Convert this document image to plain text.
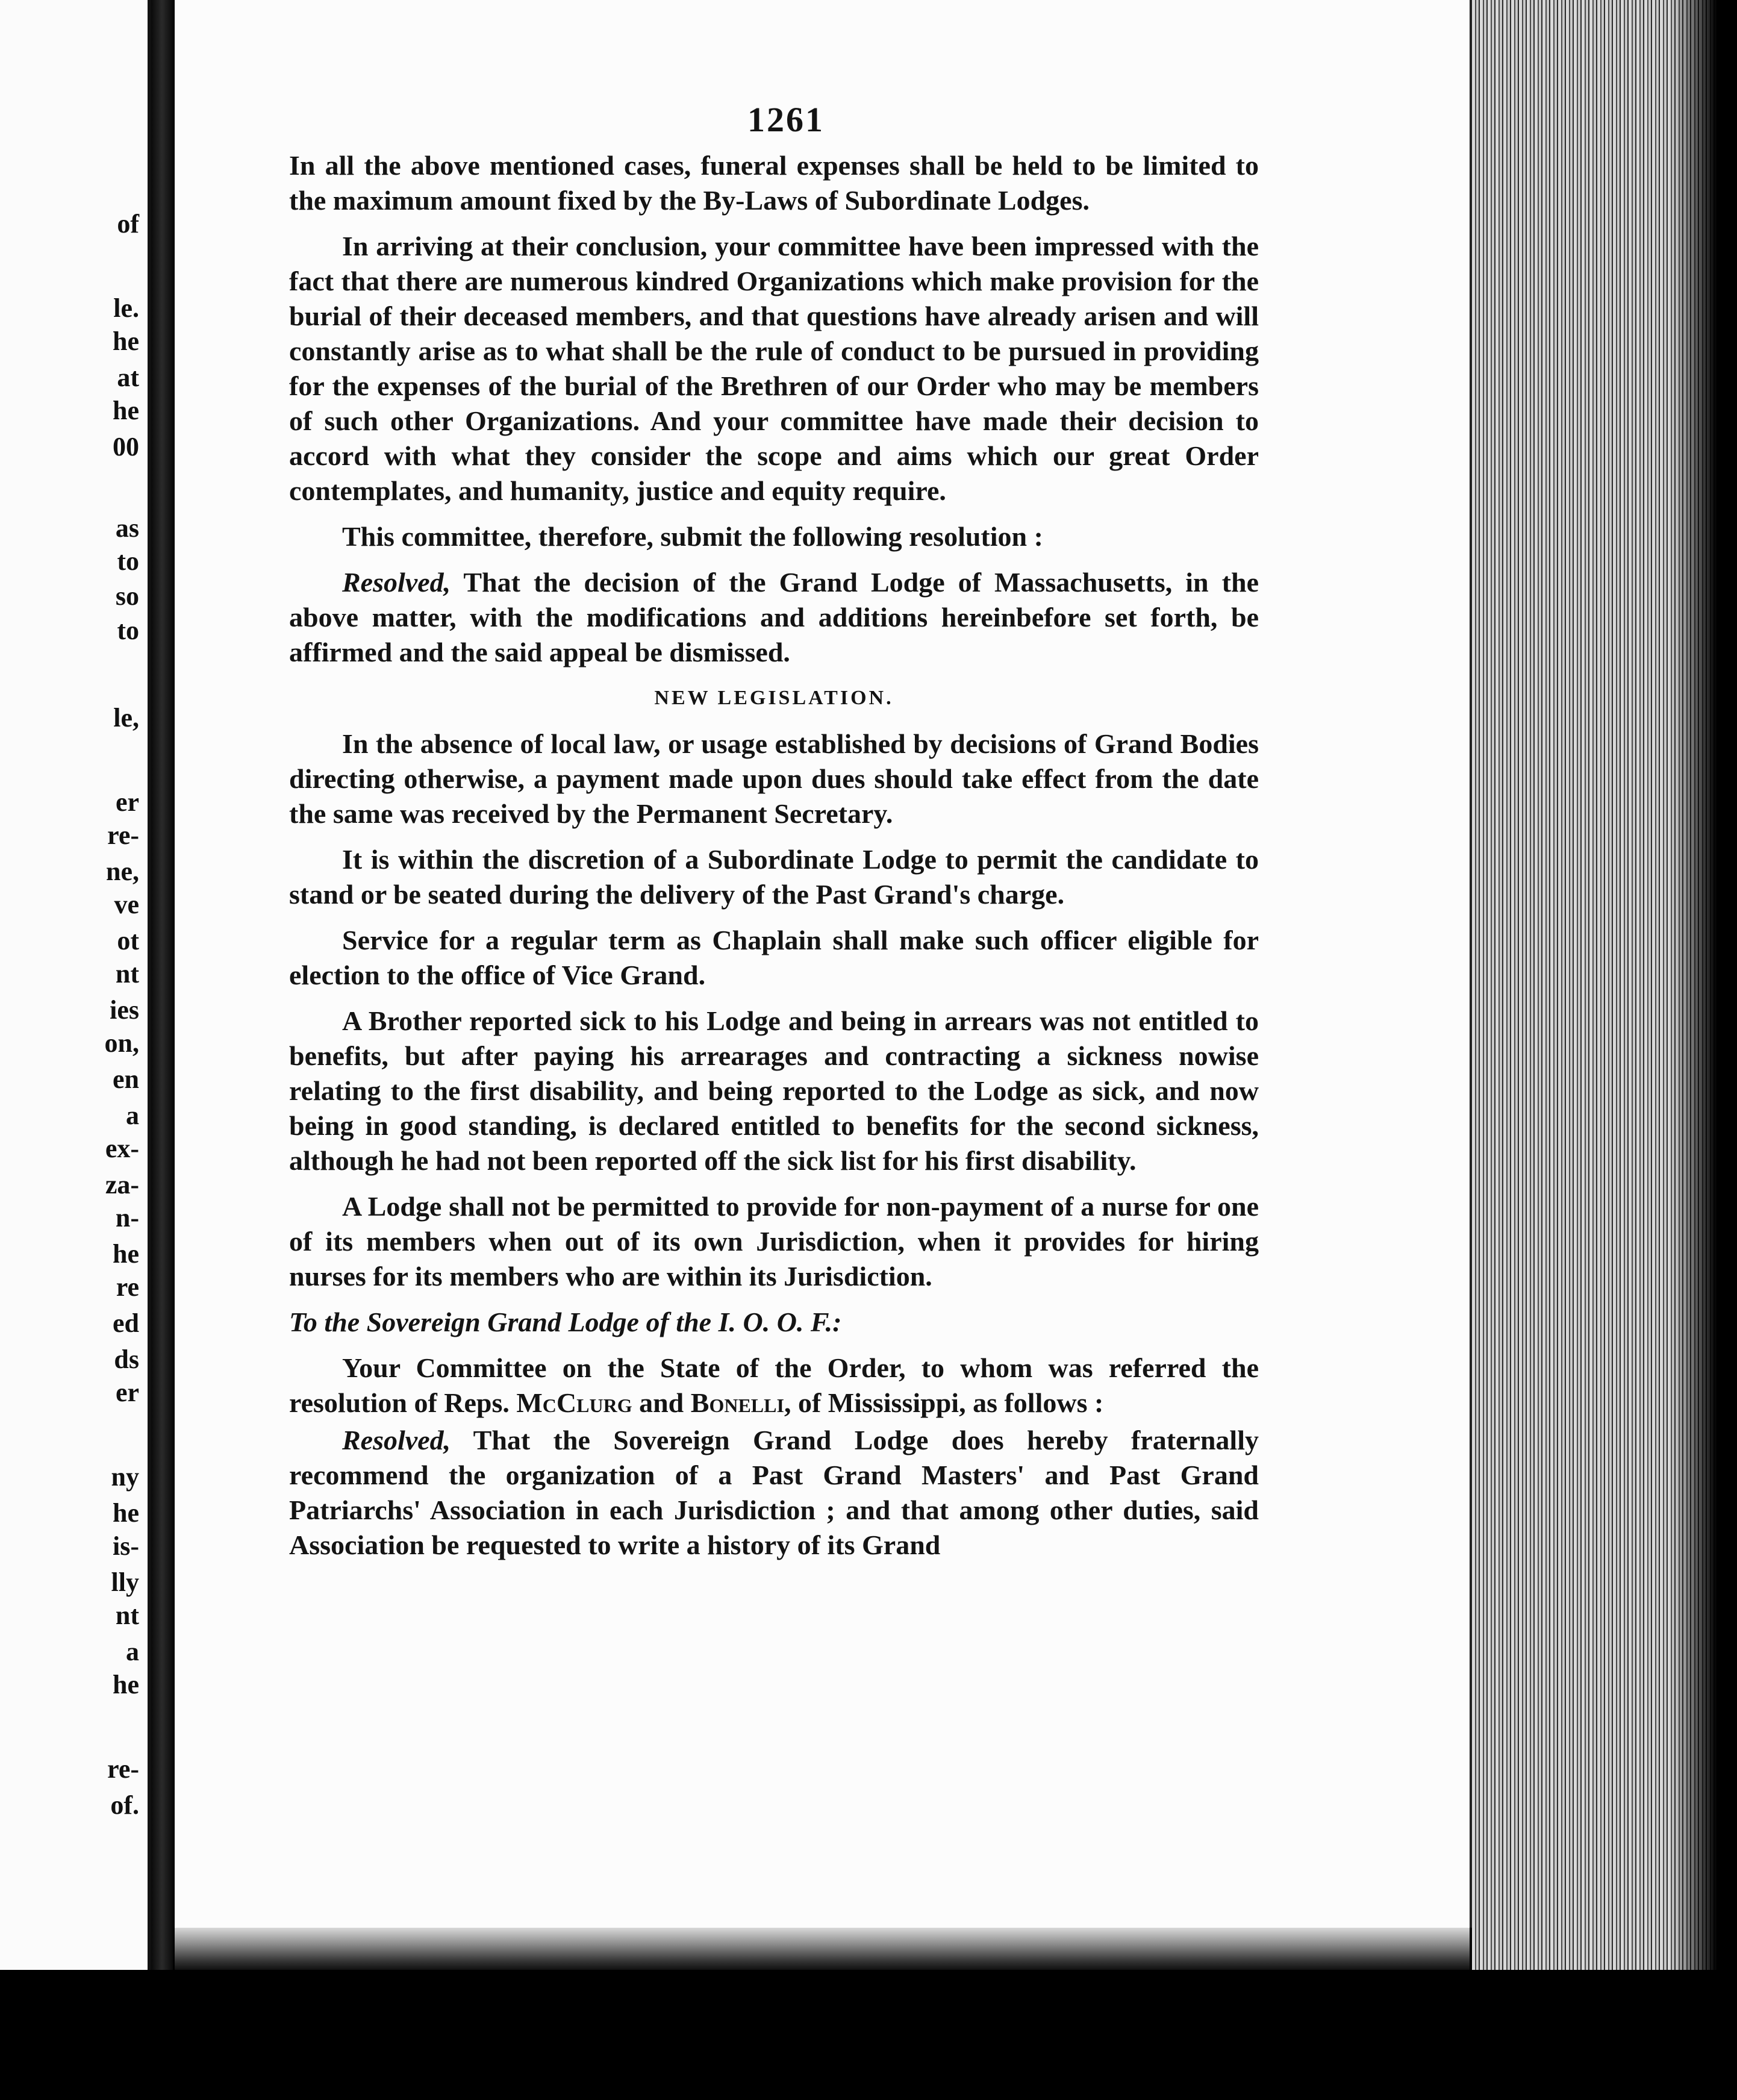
of
le.
he
at
he
00
as
to
so
to
le,
er
re-
ne,
ve
ot
nt
ies
on,
en
a
ex-
za-
n-
he
re
ed
ds
er
ny
he
is-
lly
nt
a
he
re-
of.
1261

In all the above mentioned cases, funeral expenses shall be held to be limited to the maximum amount fixed by the By-Laws of Subordinate Lodges.

In arriving at their conclusion, your committee have been impressed with the fact that there are numerous kindred Organizations which make provision for the burial of their deceased members, and that questions have already arisen and will constantly arise as to what shall be the rule of conduct to be pursued in providing for the expenses of the burial of the Brethren of our Order who may be members of such other Organizations. And your committee have made their decision to accord with what they consider the scope and aims which our great Order contemplates, and humanity, justice and equity require.

This committee, therefore, submit the following resolution :

Resolved, That the decision of the Grand Lodge of Massachusetts, in the above matter, with the modifications and additions hereinbefore set forth, be affirmed and the said appeal be dismissed.

NEW LEGISLATION.

In the absence of local law, or usage established by decisions of Grand Bodies directing otherwise, a payment made upon dues should take effect from the date the same was received by the Permanent Secretary.

It is within the discretion of a Subordinate Lodge to permit the candidate to stand or be seated during the delivery of the Past Grand's charge.

Service for a regular term as Chaplain shall make such officer eligible for election to the office of Vice Grand.

A Brother reported sick to his Lodge and being in arrears was not entitled to benefits, but after paying his arrearages and contracting a sickness nowise relating to the first disability, and being reported to the Lodge as sick, and now being in good standing, is declared entitled to benefits for the second sickness, although he had not been reported off the sick list for his first disability.

A Lodge shall not be permitted to provide for non-payment of a nurse for one of its members when out of its own Jurisdiction, when it provides for hiring nurses for its members who are within its Jurisdiction.

To the Sovereign Grand Lodge of the I. O. O. F.:

Your Committee on the State of the Order, to whom was referred the resolution of Reps. McClurg and Bonelli, of Mississippi, as follows :

Resolved, That the Sovereign Grand Lodge does hereby fraternally recommend the organization of a Past Grand Masters' and Past Grand Patriarchs' Association in each Jurisdiction ; and that among other duties, said Association be requested to write a history of its Grand
